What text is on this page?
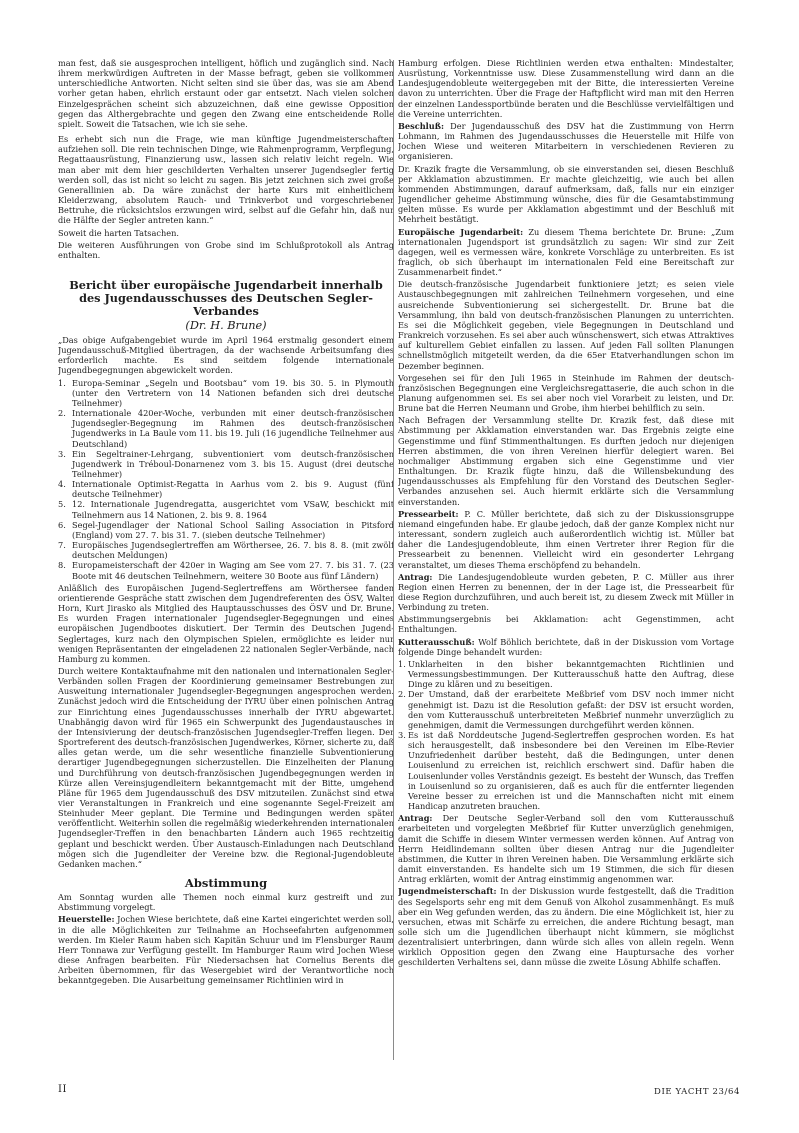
man fest, daß sie ausgesprochen intelligent, höflich und zugänglich sind. Nach ihrem merkwürdigen Auftreten in der Masse befragt, geben sie vollkommen unterschiedliche Antworten. Nicht selten sind sie über das, was sie am Abend vorher getan haben, ehrlich erstaunt oder gar entsetzt. Nach vielen solchen Einzelgesprächen scheint sich abzuzeichnen, daß eine gewisse Opposition gegen das Althergebrachte und gegen den Zwang eine entscheidende Rolle spielt. Soweit die Tatsachen, wie ich sie sehe.

Es erhebt sich nun die Frage, wie man künftige Jugendmeisterschaften aufziehen soll. Die rein technischen Dinge, wie Rahmenprogramm, Verpflegung, Regattaausrüstung, Finanzierung usw., lassen sich relativ leicht regeln. Wie man aber mit dem hier geschilderten Verhalten unserer Jugendsegler fertig werden soll, das ist nicht so leicht zu sagen. Bis jetzt zeichnen sich zwei große Generallinien ab. Da wäre zunächst der harte Kurs mit einheitlichem Kleiderzwang, absolutem Rauch- und Trinkverbot und vorgeschriebener Bettruhe, die rücksichtslos erzwungen wird, selbst auf die Gefahr hin, daß nur die Hälfte der Segler antreten kann.“

Soweit die harten Tatsachen.

Die weiteren Ausführungen von Grobe sind im Schlußprotokoll als Antrag enthalten.

Bericht über europäische Jugendarbeit innerhalb des Jugendausschusses des Deutschen Segler-Verbandes
(Dr. H. Brune)

„Das obige Aufgabengebiet wurde im April 1964 erstmalig gesondert einem Jugendausschuß-Mitglied übertragen, da der wachsende Arbeitsumfang dies erforderlich machte. Es sind seitdem folgende internationale Jugendbegegnungen abgewickelt worden.

1. Europa-Seminar „Segeln und Bootsbau“ vom 19. bis 30. 5. in Plymouth (unter den Vertretern von 14 Nationen befanden sich drei deutsche Teilnehmer)
2. Internationale 420er-Woche, verbunden mit einer deutsch-französischen Jugendsegler-Begegnung im Rahmen des deutsch-französischen Jugendwerks in La Baule vom 11. bis 19. Juli (16 jugendliche Teilnehmer aus Deutschland)
3. Ein Segeltrainer-Lehrgang, subventioniert vom deutsch-französischen Jugendwerk in Tréboul-Donarnenez vom 3. bis 15. August (drei deutsche Teilnehmer)
4. Internationale Optimist-Regatta in Aarhus vom 2. bis 9. August (fünf deutsche Teilnehmer)
5. 12. Internationale Jugendregatta, ausgerichtet vom VSaW, beschickt mit Teilnehmern aus 14 Nationen, 2. bis 9. 8. 1964
6. Segel-Jugendlager der National School Sailing Association in Pitsford (England) vom 27. 7. bis 31. 7. (sieben deutsche Teilnehmer)
7. Europäisches Jugendseglertreffen am Wörthersee, 26. 7. bis 8. 8. (mit zwölf deutschen Meldungen)
8. Europameisterschaft der 420er in Waging am See vom 27. 7. bis 31. 7. (23 Boote mit 46 deutschen Teilnehmern, weitere 30 Boote aus fünf Ländern)

Anläßlich des Europäischen Jugend-Seglertreffens am Wörthersee fanden orientierende Gespräche statt zwischen dem Jugendreferenten des ÖSV, Walter Horn, Kurt Jirasko als Mitglied des Hauptausschusses des ÖSV und Dr. Brune. Es wurden Fragen internationaler Jugendsegler-Begegnungen und eines europäischen Jugendbootes diskutiert. Der Termin des Deutschen Jugend-Seglertages, kurz nach den Olympischen Spielen, ermöglichte es leider nur wenigen Repräsentanten der eingeladenen 22 nationalen Segler-Verbände, nach Hamburg zu kommen.

Durch weitere Kontaktaufnahme mit den nationalen und internationalen Segler-Verbänden sollen Fragen der Koordinierung gemeinsamer Bestrebungen zur Ausweitung internationaler Jugendsegler-Begegnungen angesprochen werden. Zunächst jedoch wird die Entscheidung der IYRU über einen polnischen Antrag zur Einrichtung eines Jugendausschusses innerhalb der IYRU abgewartet. Unabhängig davon wird für 1965 ein Schwerpunkt des Jugendaustausches in der Intensivierung der deutsch-französischen Jugendsegler-Treffen liegen. Der Sportreferent des deutsch-französischen Jugendwerkes, Körner, sicherte zu, daß alles getan werde, um die sehr wesentliche finanzielle Subventionierung derartiger Jugendbegegnungen sicherzustellen. Die Einzelheiten der Planung und Durchführung von deutsch-französischen Jugendbegegnungen werden in Kürze allen Vereinsjugendleitern bekanntgemacht mit der Bitte, umgehend Pläne für 1965 dem Jugendausschuß des DSV mitzuteilen. Zunächst sind etwa vier Veranstaltungen in Frankreich und eine sogenannte Segel-Freizeit am Steinhuder Meer geplant. Die Termine und Bedingungen werden später veröffentlicht. Weiterhin sollen die regelmäßig wiederkehrenden internationalen Jugendsegler-Treffen in den benachbarten Ländern auch 1965 rechtzeitig geplant und beschickt werden. Über Austausch-Einladungen nach Deutschland mögen sich die Jugendleiter der Vereine bzw. die Regional-Jugendobleute Gedanken machen.“

Abstimmung

Am Sonntag wurden alle Themen noch einmal kurz gestreift und zur Abstimmung vorgelegt.

Heuerstelle: Jochen Wiese berichtete, daß eine Kartei eingerichtet werden soll, in die alle Möglichkeiten zur Teilnahme an Hochseefahrten aufgenommen werden. Im Kieler Raum haben sich Kapitän Schuur und im Flensburger Raum Herr Tonnawa zur Verfügung gestellt. Im Hamburger Raum wird Jochen Wiese diese Anfragen bearbeiten. Für Niedersachsen hat Cornelius Berents die Arbeiten übernommen, für das Wesergebiet wird der Verantwortliche noch bekanntgegeben. Die Ausarbeitung gemeinsamer Richtlinien wird in

Hamburg erfolgen. Diese Richtlinien werden etwa enthalten: Mindestalter, Ausrüstung, Vorkenntnisse usw. Diese Zusammenstellung wird dann an die Landesjugendobleute weitergegeben mit der Bitte, die interessierten Vereine davon zu unterrichten. Über die Frage der Haftpflicht wird man mit den Herren der einzelnen Landessportbünde beraten und die Beschlüsse vervielfältigen und die Vereine unterrichten.

Beschluß: Der Jugendausschuß des DSV hat die Zustimmung von Herrn Lohmann, im Rahmen des Jugendausschusses die Heuerstelle mit Hilfe von Jochen Wiese und weiteren Mitarbeitern in verschiedenen Revieren zu organisieren.

Dr. Krazik fragte die Versammlung, ob sie einverstanden sei, diesen Beschluß per Akklamation abzustimmen. Er machte gleichzeitig, wie auch bei allen kommenden Abstimmungen, darauf aufmerksam, daß, falls nur ein einziger Jugendlicher geheime Abstimmung wünsche, dies für die Gesamtabstimmung gelten müsse. Es wurde per Akklamation abgestimmt und der Beschluß mit Mehrheit bestätigt.

Europäische Jugendarbeit: Zu diesem Thema berichtete Dr. Brune: „Zum internationalen Jugendsport ist grundsätzlich zu sagen: Wir sind zur Zeit dagegen, weil es vermessen wäre, konkrete Vorschläge zu unterbreiten. Es ist fraglich, ob sich überhaupt im internationalen Feld eine Bereitschaft zur Zusammenarbeit findet.“

Die deutsch-französische Jugendarbeit funktioniere jetzt; es seien viele Austauschbegegnungen mit zahlreichen Teilnehmern vorgesehen, und eine ausreichende Subventionierung sei sichergestellt. Dr. Brune bat die Versammlung, ihn bald von deutsch-französischen Planungen zu unterrichten. Es sei die Möglichkeit gegeben, viele Begegnungen in Deutschland und Frankreich vorzusehen. Es sei aber auch wünschenswert, sich etwas Attraktives auf kulturellem Gebiet einfallen zu lassen. Auf jeden Fall sollten Planungen schnellstmöglich mitgeteilt werden, da die 65er Etatverhandlungen schon im Dezember beginnen.

Vorgesehen sei für den Juli 1965 in Steinhude im Rahmen der deutsch-französischen Begegnungen eine Vergleichsregattaserie, die auch schon in die Planung aufgenommen sei. Es sei aber noch viel Vorarbeit zu leisten, und Dr. Brune bat die Herren Neumann und Grobe, ihm hierbei behilflich zu sein.

Nach Befragen der Versammlung stellte Dr. Krazik fest, daß diese mit Abstimmung per Akklamation einverstanden war. Das Ergebnis zeigte eine Gegenstimme und fünf Stimmenthaltungen. Es durften jedoch nur diejenigen Herren abstimmen, die von ihren Vereinen hierfür delegiert waren. Bei nochmaliger Abstimmung ergaben sich eine Gegenstimme und vier Enthaltungen. Dr. Krazik fügte hinzu, daß die Willensbekundung des Jugendausschusses als Empfehlung für den Vorstand des Deutschen Segler-Verbandes anzusehen sei. Auch hiermit erklärte sich die Versammlung einverstanden.

Pressearbeit: P. C. Müller berichtete, daß sich zu der Diskussionsgruppe niemand eingefunden habe. Er glaube jedoch, daß der ganze Komplex nicht nur interessant, sondern zugleich auch außerordentlich wichtig ist. Müller bat daher die Landesjugendobleute, ihm einen Vertreter ihrer Region für die Pressearbeit zu benennen. Vielleicht wird ein gesonderter Lehrgang veranstaltet, um dieses Thema erschöpfend zu behandeln.

Antrag: Die Landesjugendobleute wurden gebeten, P. C. Müller aus ihrer Region einen Herren zu benennen, der in der Lage ist, die Pressearbeit für diese Region durchzuführen, und auch bereit ist, zu diesem Zweck mit Müller in Verbindung zu treten.

Abstimmungsergebnis bei Akklamation: acht Gegenstimmen, acht Enthaltungen.

Kutterausschuß: Wolf Böhlich berichtete, daß in der Diskussion vom Vortage folgende Dinge behandelt wurden:

1. Unklarheiten in den bisher bekanntgemachten Richtlinien und Vermessungsbestimmungen. Der Kutterausschuß hatte den Auftrag, diese Dinge zu klären und zu beseitigen.
2. Der Umstand, daß der erarbeitete Meßbrief vom DSV noch immer nicht genehmigt ist. Dazu ist die Resolution gefaßt: der DSV ist ersucht worden, den vom Kutterausschuß unterbreiteten Meßbrief nunmehr unverzüglich zu genehmigen, damit die Vermessungen durchgeführt werden können.
3. Es ist daß Norddeutsche Jugend-Seglertreffen gesprochen worden. Es hat sich herausgestellt, daß insbesondere bei den Vereinen im Elbe-Revier Unzufriedenheit darüber besteht, daß die Bedingungen, unter denen Louisenlund zu erreichen ist, reichlich erschwert sind. Dafür haben die Louisenlunder volles Verständnis gezeigt. Es besteht der Wunsch, das Treffen in Louisenlund so zu organisieren, daß es auch für die entfernter liegenden Vereine besser zu erreichen ist und die Mannschaften nicht mit einem Handicap anzutreten brauchen.

Antrag: Der Deutsche Segler-Verband soll den vom Kutterausschuß erarbeiteten und vorgelegten Meßbrief für Kutter unverzüglich genehmigen, damit die Schiffe in diesem Winter vermessen werden können. Auf Antrag von Herrn Heidlindemann sollten über diesen Antrag nur die Jugendleiter abstimmen, die Kutter in ihren Vereinen haben. Die Versammlung erklärte sich damit einverstanden. Es handelte sich um 19 Stimmen, die sich für diesen Antrag erklärten, womit der Antrag einstimmig angenommen war.

Jugendmeisterschaft: In der Diskussion wurde festgestellt, daß die Tradition des Segelsports sehr eng mit dem Genuß von Alkohol zusammenhängt. Es muß aber ein Weg gefunden werden, das zu ändern. Die eine Möglichkeit ist, hier zu versuchen, etwas mit Schärfe zu erreichen, die andere Richtung besagt, man solle sich um die Jugendlichen überhaupt nicht kümmern, sie möglichst dezentralisiert unterbringen, dann würde sich alles von allein regeln. Wenn wirklich Opposition gegen den Zwang eine Hauptursache des vorher geschilderten Verhaltens sei, dann müsse die zweite Lösung Abhilfe schaffen.

II	DIE YACHT 23/64
